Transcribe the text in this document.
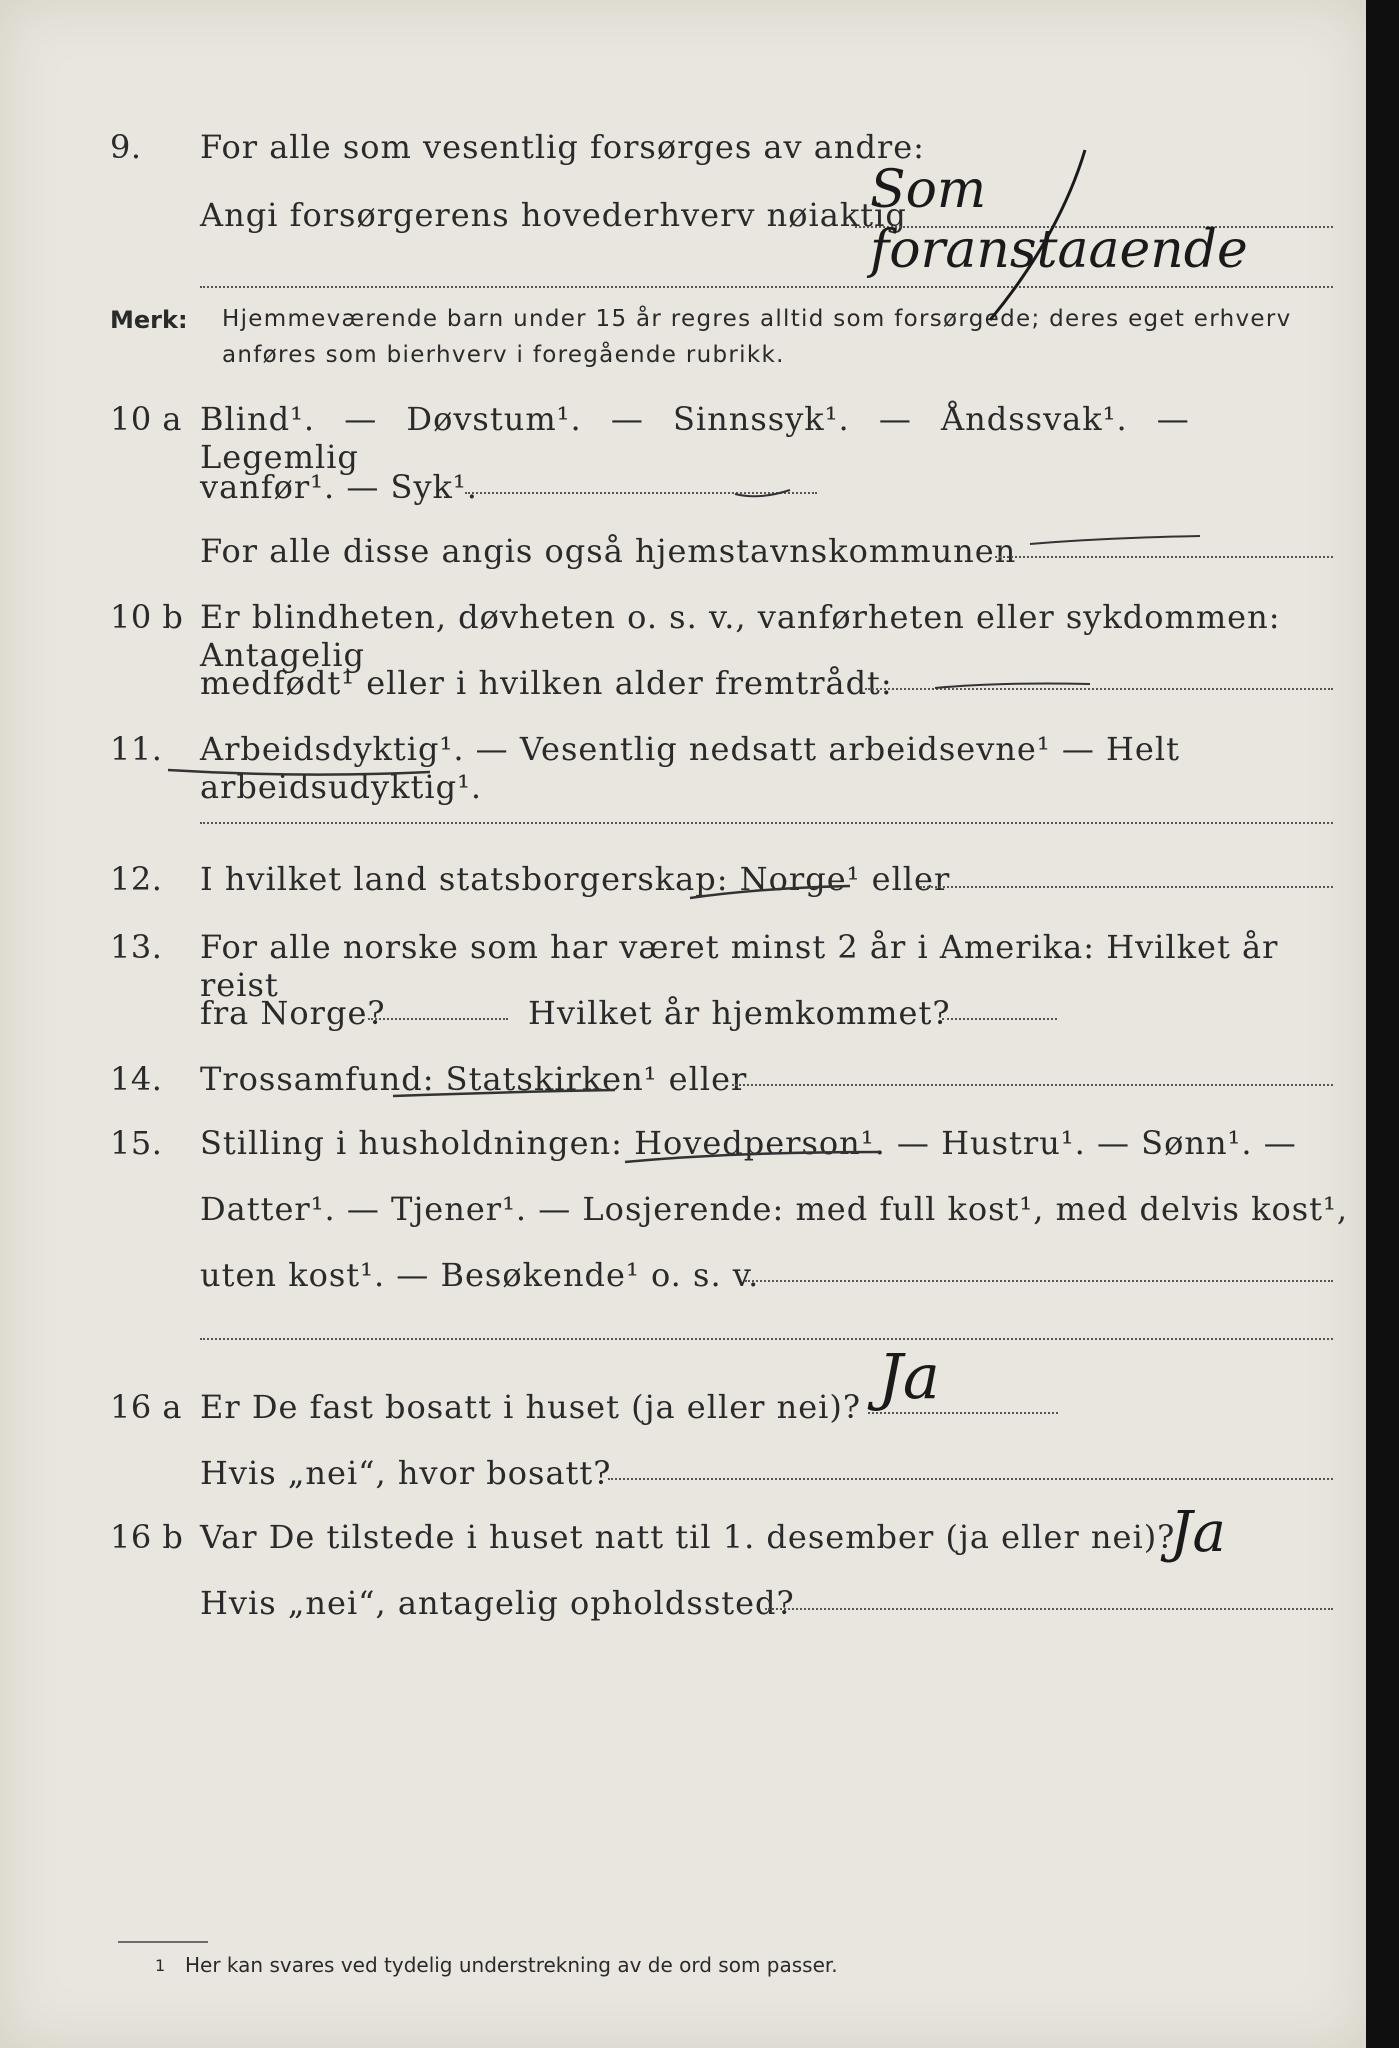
9. For alle som vesentlig forsørges av andre:
Angi forsørgerens hovederhverv nøiaktig
Som foranstaaende
Merk: Hjemmeværende barn under 15 år regres alltid som forsørgede; deres eget erhverv
anføres som bierhverv i foregående rubrikk.
10 a Blind¹. — Døvstum¹. — Sinnssyk¹. — Åndssvak¹. — Legemlig
vanfør¹. — Syk¹.
For alle disse angis også hjemstavnskommunen
10 b Er blindheten, døvheten o. s. v., vanførheten eller sykdommen: Antagelig
medfødt¹ eller i hvilken alder fremtrådt:
11. Arbeidsdyktig¹. — Vesentlig nedsatt arbeidsevne¹ — Helt arbeidsudyktig¹.
12. I hvilket land statsborgerskap: Norge¹ eller
13. For alle norske som har været minst 2 år i Amerika: Hvilket år reist
fra Norge?	Hvilket år hjemkommet?
14. Trossamfund: Statskirken¹ eller
15. Stilling i husholdningen: Hovedperson¹. — Hustru¹. — Sønn¹. —
Datter¹. — Tjener¹. — Losjerende: med full kost¹, med delvis kost¹,
uten kost¹. — Besøkende¹ o. s. v.
16 a Er De fast bosatt i huset (ja eller nei)? Ja
Hvis „nei“, hvor bosatt?
16 b Var De tilstede i huset natt til 1. desember (ja eller nei)?
Ja
Hvis „nei“, antagelig opholdssted?
1 Her kan svares ved tydelig understrekning av de ord som passer.
